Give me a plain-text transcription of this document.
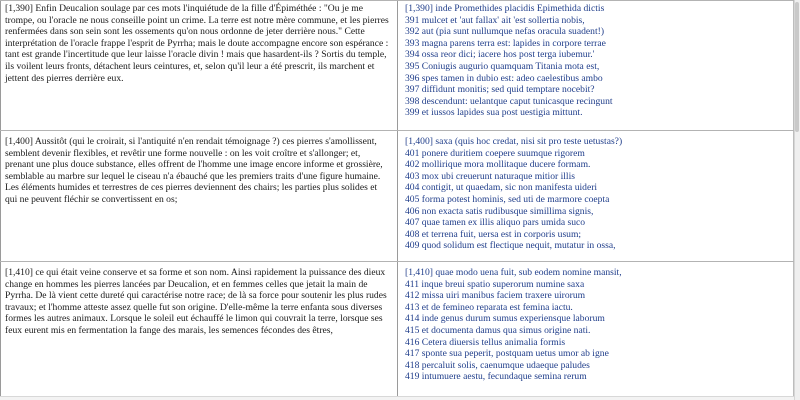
[1,390] Enfin Deucalion soulage par ces mots l'inquiétude de la fille d'Épiméthée : "Ou je me trompe, ou l'oracle ne nous conseille point un crime. La terre est notre mère commune, et les pierres renfermées dans son sein sont les ossements qu'on nous ordonne de jeter derrière nous." Cette interprétation de l'oracle frappe l'esprit de Pyrrha; mais le doute accompagne encore son espérance : tant est grande l'incertitude que leur laisse l'oracle divin ! mais que hasardent-ils ? Sortis du temple, ils voilent leurs fronts, détachent leurs ceintures, et, selon qu'il leur a été prescrit, ils marchent et jettent des pierres derrière eux.

[1,390] inde Promethides placidis Epimethida dictis
391 mulcet et 'aut fallax' ait 'est sollertia nobis,
392 aut (pia sunt nullumque nefas oracula suadent!)
393 magna parens terra est: lapides in corpore terrae
394 ossa reor dici; iacere hos post terga iubemur.'
395 Coniugis augurio quamquam Titania mota est,
396 spes tamen in dubio est: adeo caelestibus ambo
397 diffidunt monitis; sed quid temptare nocebit?
398 descendunt: uelantque caput tunicasque recingunt
399 et iussos lapides sua post uestigia mittunt.

[1,400] Aussitôt (qui le croirait, si l'antiquité n'en rendait témoignage ?) ces pierres s'amollissent, semblent devenir flexibles, et revêtir une forme nouvelle : on les voit croître et s'allonger; et, prenant une plus douce substance, elles offrent de l'homme une image encore informe et grossière, semblable au marbre sur lequel le ciseau n'a ébauché que les premiers traits d'une figure humaine. Les éléments humides et terrestres de ces pierres deviennent des chairs; les parties plus solides et qui ne peuvent fléchir se convertissent en os;

[1,400] saxa (quis hoc credat, nisi sit pro teste uetustas?)
401 ponere duritiem coepere suumque rigorem
402 mollirique mora mollitaque ducere formam.
403 mox ubi creuerunt naturaque mitior illis
404 contigit, ut quaedam, sic non manifesta uideri
405 forma potest hominis, sed uti de marmore coepta
406 non exacta satis rudibusque simillima signis,
407 quae tamen ex illis aliquo pars umida suco
408 et terrena fuit, uersa est in corporis usum;
409 quod solidum est flectique nequit, mutatur in ossa,

[1,410] ce qui était veine conserve et sa forme et son nom. Ainsi rapidement la puissance des dieux change en hommes les pierres lancées par Deucalion, et en femmes celles que jetait la main de Pyrrha. De là vient cette dureté qui caractérise notre race; de là sa force pour soutenir les plus rudes travaux; et l'homme atteste assez quelle fut son origine. D'elle-même la terre enfanta sous diverses formes les autres animaux. Lorsque le soleil eut échauffé le limon qui couvrait la terre, lorsque ses feux eurent mis en fermentation la fange des marais, les semences fécondes des êtres,

[1,410] quae modo uena fuit, sub eodem nomine mansit,
411 inque breui spatio superorum numine saxa
412 missa uiri manibus faciem traxere uirorum
413 et de femineo reparata est femina iactu.
414 inde genus durum sumus experiensque laborum
415 et documenta damus qua simus origine nati.
416 Cetera diuersis tellus animalia formis
417 sponte sua peperit, postquam uetus umor ab igne
418 percaluit solis, caenumque udaeque paludes
419 intumuere aestu, fecundaque semina rerum
